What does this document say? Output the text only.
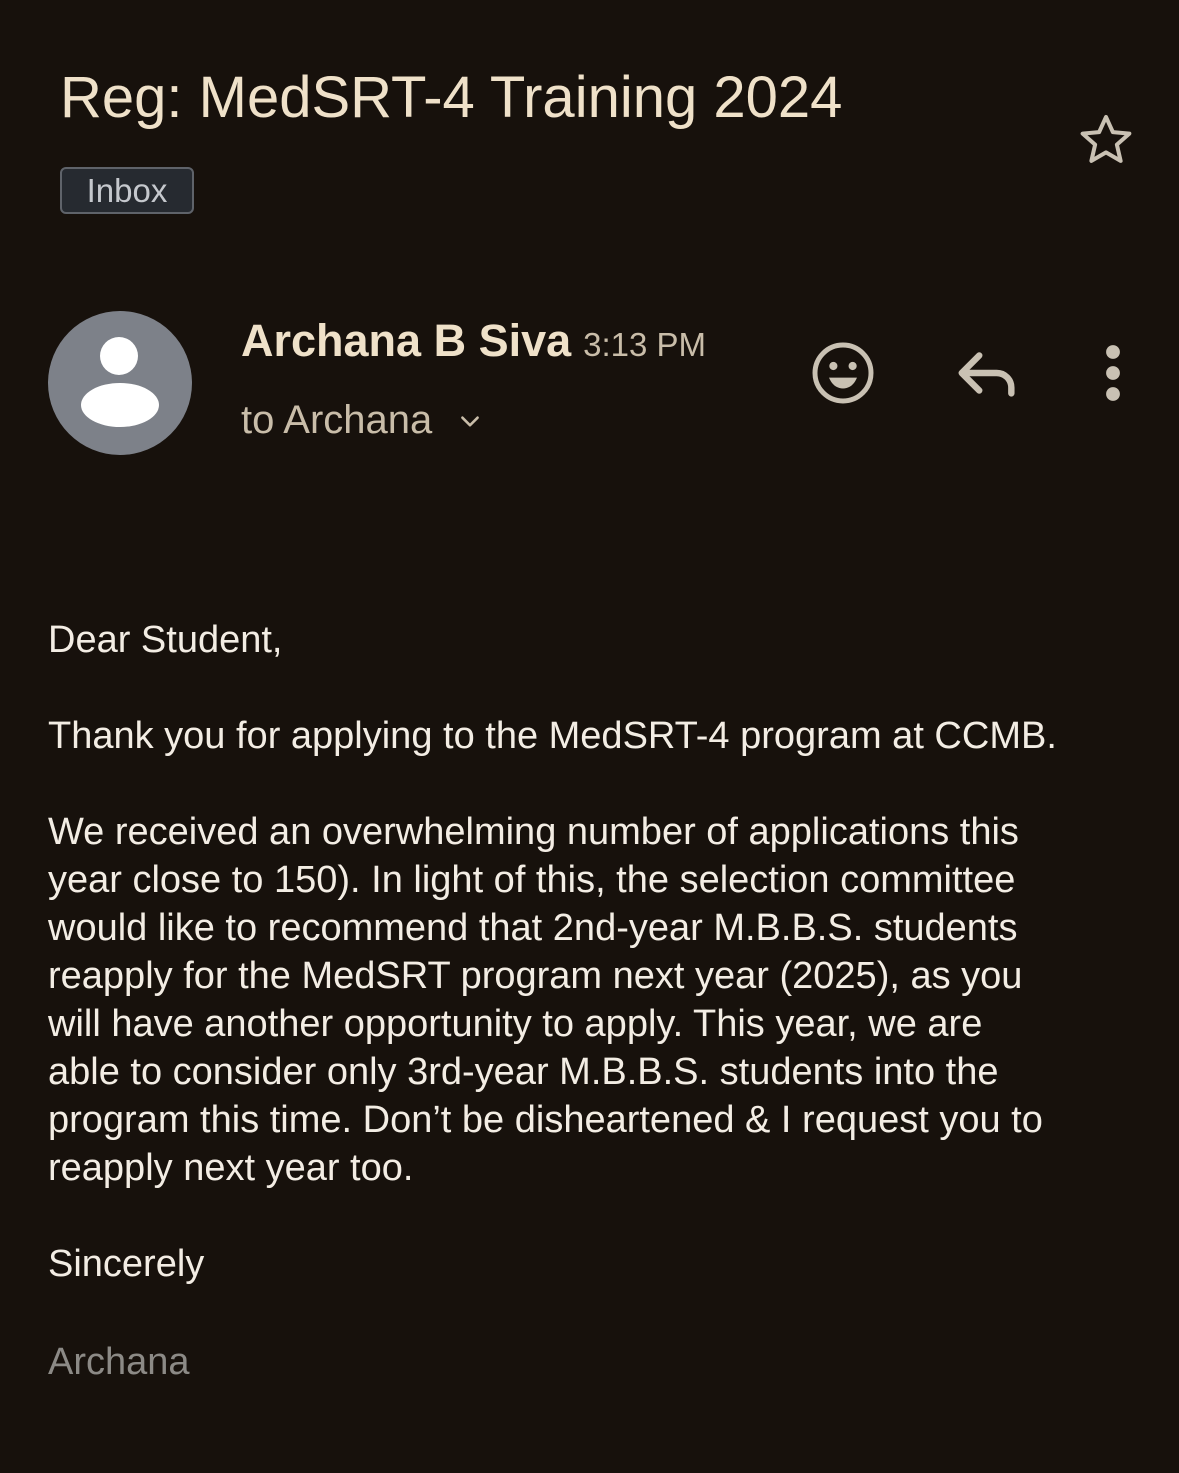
Reg: MedSRT-4 Training 2024
Inbox
Archana B Siva 3:13 PM
to Archana

Dear Student,

Thank you for applying to the MedSRT-4 program at CCMB.

We received an overwhelming number of applications this
year close to 150). In light of this, the selection committee
would like to recommend that 2nd-year M.B.B.S. students
reapply for the MedSRT program next year (2025), as you
will have another opportunity to apply. This year, we are
able to consider only 3rd-year M.B.B.S. students into the
program this time. Don’t be disheartened & I request you to
reapply next year too.

Sincerely

Archana
